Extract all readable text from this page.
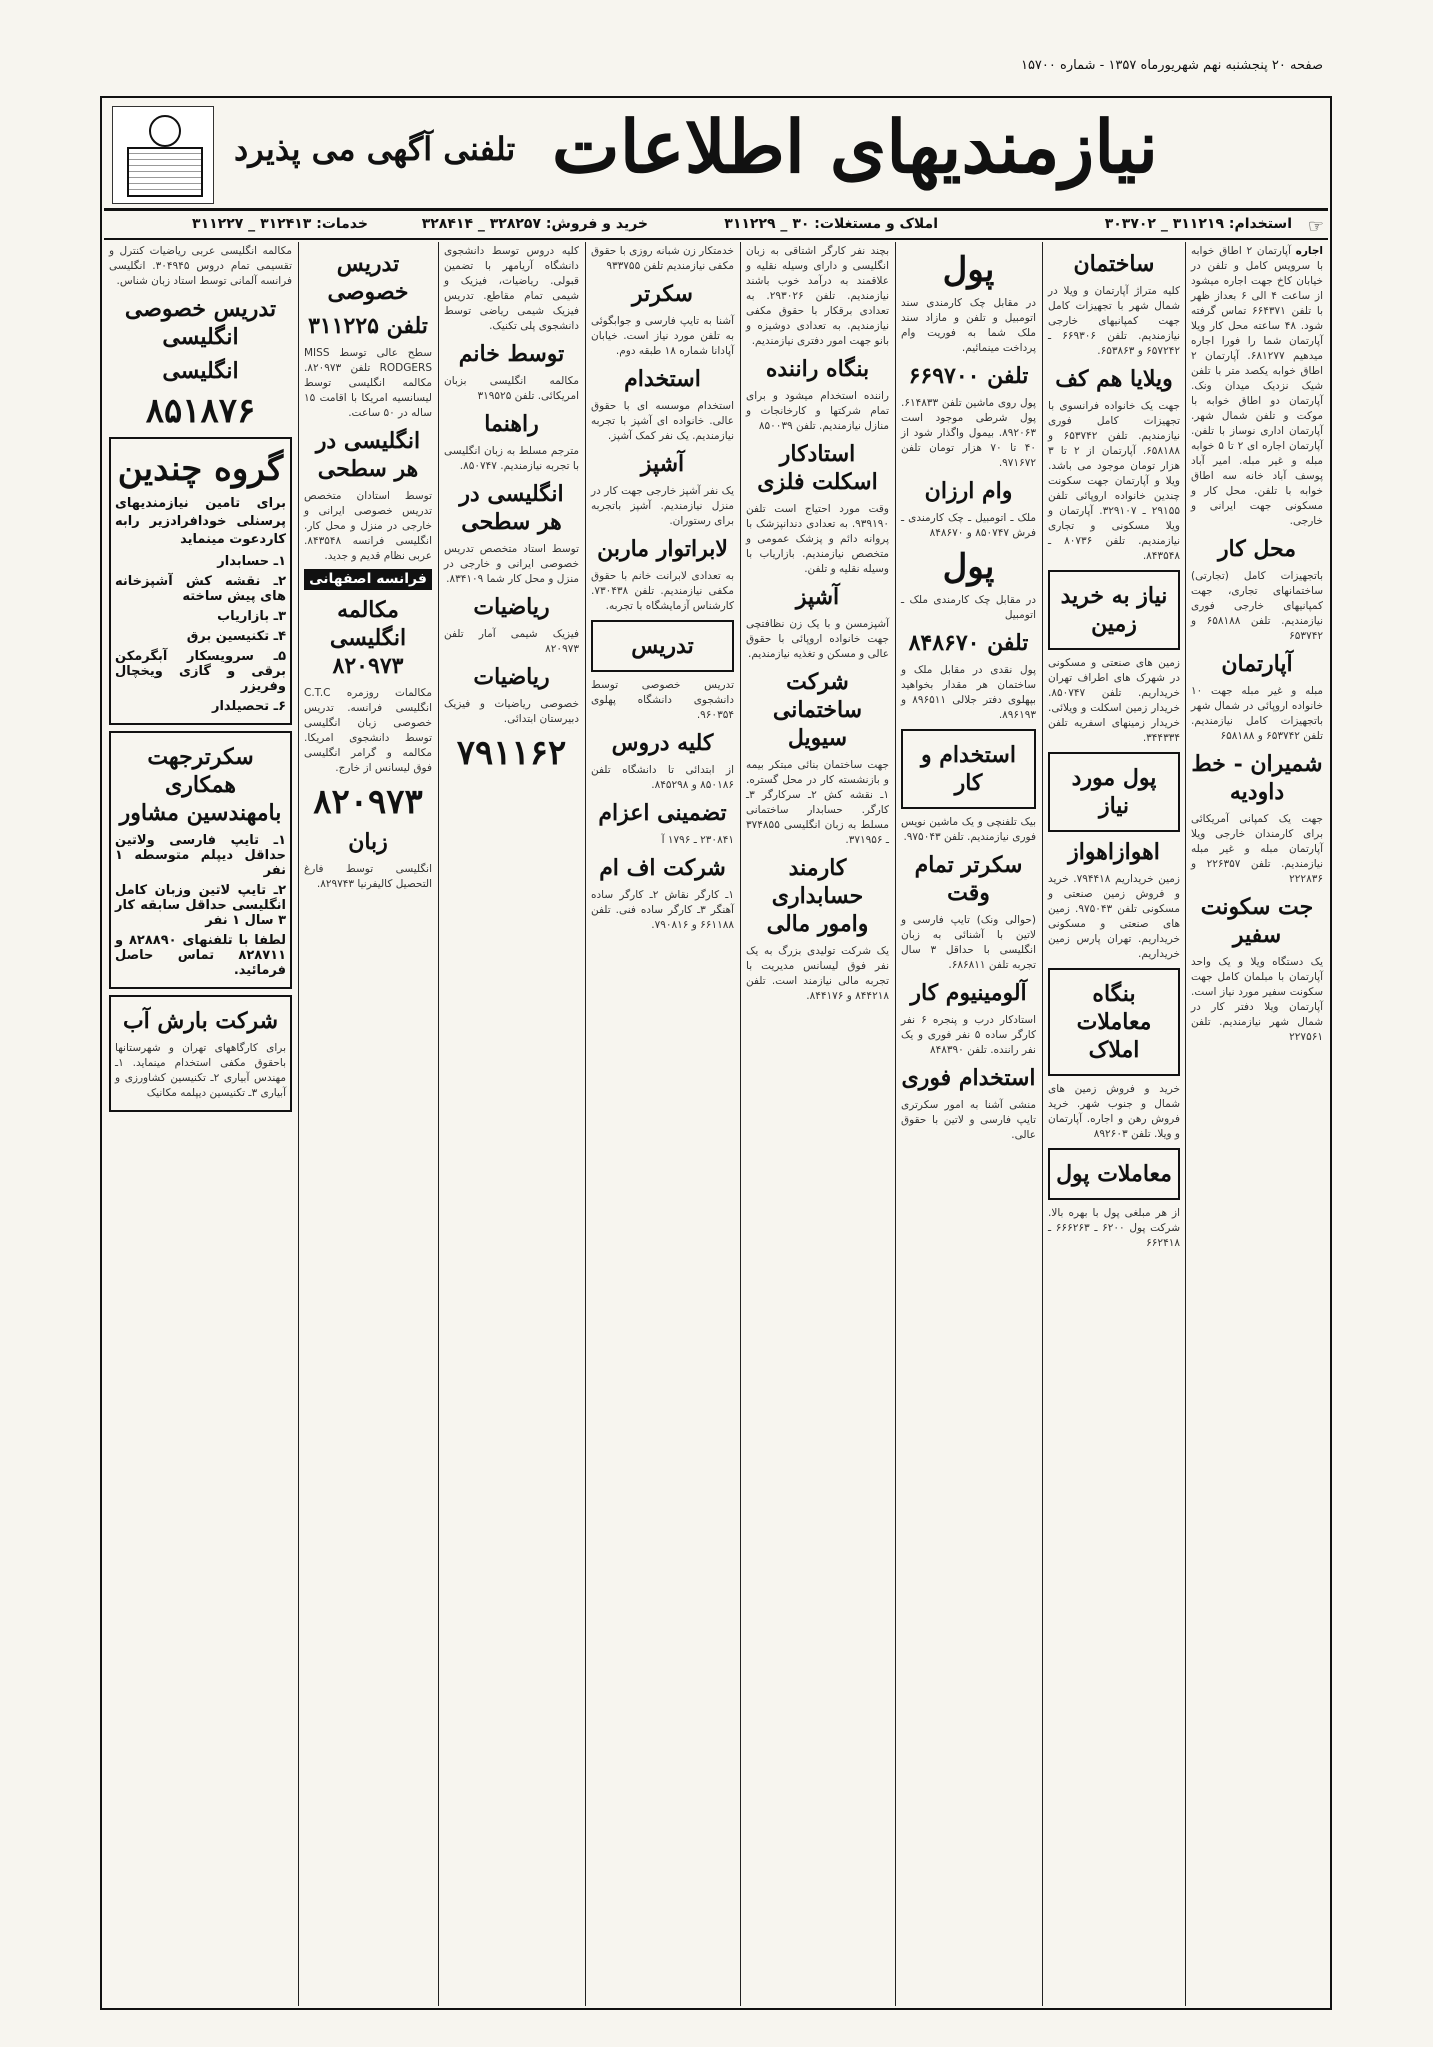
صفحه ۲۰ پنجشنبه نهم شهریورماه ۱۳۵۷ - شماره ۱۵۷۰۰
نیازمندیهای اطلاعات
تلفنی آگهی می پذیرد
☞
استخدام: ۳۱۱۲۱۹ _ ۳۰۳۷۰۲
املاک و مستغلات: ۳۰ _ ۳۱۱۲۲۹
خرید و فروش: ۳۲۸۲۵۷ _ ۳۲۸۴۱۴
خدمات: ۳۱۲۴۱۳ _ ۳۱۱۲۲۷
اجاره آپارتمان ۲ اطاق خوابه با سرویس کامل و تلفن در خیابان کاخ جهت اجاره میشود از ساعت ۴ الی ۶ بعداز ظهر با تلفن ۶۶۴۳۷۱ تماس گرفته شود. ۴۸ ساعته محل کار ویلا آپارتمان شما را فورا اجاره میدهیم ۶۸۱۲۷۷. آپارتمان ۲ اطاق خوابه یکصد متر با تلفن شیک نزدیک میدان ونک. آپارتمان دو اطاق خوابه با موکت و تلفن شمال شهر. آپارتمان اداری نوساز با تلفن. آپارتمان اجاره ای ۲ تا ۵ خوابه مبله و غیر مبله. امیر آباد پوسف آباد خانه سه اطاق خوابه با تلفن. محل کار و مسکونی جهت ایرانی و خارجی.
محل کار
باتجهیزات کامل (تجارتی) ساختمانهای تجاری، جهت کمپانیهای خارجی فوری نیازمندیم. تلفن ۶۵۸۱۸۸ و ۶۵۳۷۴۲
آپارتمان
مبله و غیر مبله جهت ۱۰ خانواده اروپائی در شمال شهر باتجهیزات کامل نیازمندیم. تلفن ۶۵۳۷۴۲ و ۶۵۸۱۸۸
شمیران - خط داودیه
جهت یک کمپانی آمریکائی برای کارمندان خارجی ویلا آپارتمان مبله و غیر مبله نیازمندیم. تلفن ۲۲۶۳۵۷ و ۲۲۲۸۳۶
جت سکونت سفیر
یک دستگاه ویلا و یک واحد آپارتمان با مبلمان کامل جهت سکونت سفیر مورد نیاز است. آپارتمان ویلا دفتر کار در شمال شهر نیازمندیم. تلفن ۲۲۷۵۶۱
ساختمان
کلیه متراژ آپارتمان و ویلا در شمال شهر با تجهیزات کامل جهت کمپانیهای خارجی نیازمندیم. تلفن ۶۶۹۳۰۶ ـ ۶۵۷۲۴۲ و ۶۵۳۸۶۳.
ویلایا هم کف
جهت یک خانواده فرانسوی با تجهیزات کامل فوری نیازمندیم. تلفن ۶۵۳۷۴۲ و ۶۵۸۱۸۸. آپارتمان از ۲ تا ۳ هزار تومان موجود می باشد. ویلا و آپارتمان جهت سکونت چندین خانواده اروپائی تلفن ۲۹۱۵۵ ـ ۳۲۹۱۰۷. آپارتمان و ویلا مسکونی و تجاری نیازمندیم. تلفن ۸۰۷۳۶ ـ ۸۴۳۵۴۸.
نیاز به خرید زمین
زمین های صنعتی و مسکونی در شهرک های اطراف تهران خریداریم. تلفن ۸۵۰۷۴۷. خریدار زمین اسکلت و ویلائی. خریدار زمینهای اسفریه تلفن ۳۴۴۳۳۴.
پول مورد نیاز
اهوازاهواز
زمین خریداریم ۷۹۴۴۱۸. خرید و فروش زمین صنعتی و مسکونی تلفن ۹۷۵۰۴۳. زمین های صنعتی و مسکونی خریداریم. تهران پارس زمین خریداریم.
بنگاه معاملات املاک
خرید و فروش زمین های شمال و جنوب شهر. خرید فروش رهن و اجاره. آپارتمان و ویلا. تلفن ۸۹۲۶۰۳
معاملات پول
از هر مبلغی پول با بهره بالا. شرکت پول ۶۲۰۰ ـ ۶۶۶۲۶۳ ـ ۶۶۲۴۱۸
پول
در مقابل چک کارمندی سند اتومبیل و تلفن و مازاد سند ملک شما به فوریت وام پرداخت مینمائیم.
تلفن ۶۶۹۷۰۰
پول روی ماشین تلفن ۶۱۴۸۳۳. پول شرطی موجود است ۸۹۲۰۶۳. بیمول واگذار شود از ۴۰ تا ۷۰ هزار تومان تلفن ۹۷۱۶۷۲.
وام ارزان
ملک ـ اتومبیل ـ چک کارمندی ـ فرش ۸۵۰۷۴۷ و ۸۴۸۶۷۰
پول
در مقابل چک کارمندی ملک ـ اتومبیل
تلفن ۸۴۸۶۷۰
پول نقدی در مقابل ملک و ساختمان هر مقدار بخواهید بپهلوی دفتر جلالی ۸۹۶۵۱۱ و ۸۹۶۱۹۳.
استخدام و کار
بیک تلفنچی و یک ماشین نویس فوری نیازمندیم. تلفن ۹۷۵۰۴۳.
سکرتر تمام وقت
(حوالی ونک) تایپ فارسی و لاتین با آشنائی به زبان انگلیسی با حداقل ۳ سال تجربه تلفن ۶۸۶۸۱۱.
آلومینیوم کار
استادکار درب و پنجره ۶ نفر کارگر ساده ۵ نفر فوری و یک نفر راننده. تلفن ۸۴۸۳۹۰
استخدام فوری
منشی آشنا به امور سکرتری تایپ فارسی و لاتین با حقوق عالی.
بچند نفر کارگر اشتاقی به زبان انگلیسی و دارای وسیله نقلیه و علاقمند به درآمد خوب باشند نیازمندیم. تلفن ۲۹۳۰۲۶. به تعدادی برقکار با حقوق مکفی نیازمندیم. به تعدادی دوشیزه و بانو جهت امور دفتری نیازمندیم.
بنگاه راننده
راننده استخدام میشود و برای تمام شرکتها و کارخانجات و منازل نیازمندیم. تلفن ۸۵۰۰۳۹
استادکار اسکلت فلزی
وقت مورد احتیاج است تلفن ۹۳۹۱۹۰. به تعدادی دندانپزشک با پروانه دائم و پزشک عمومی و متخصص نیازمندیم. بازاریاب با وسیله نقلیه و تلفن.
آشپز
آشپزمسن و با یک زن نظافتچی جهت خانواده اروپائی با حقوق عالی و مسکن و تغذیه نیازمندیم.
شرکت ساختمانی سیویل
جهت ساختمان بنائی مبتکر بیمه و بازنشسته کار در محل گستره. ۱ـ نقشه کش ۲ـ سرکارگر ۳ـ کارگر. حسابدار ساختمانی مسلط به زبان انگلیسی ۳۷۴۸۵۵ ـ ۳۷۱۹۵۶.
کارمند حسابداری وامور مالی
یک شرکت تولیدی بزرگ به یک نفر فوق لیسانس مدیریت با تجربه مالی نیازمند است. تلفن ۸۴۴۲۱۸ و ۸۴۴۱۷۶.
خدمتکار زن شبانه روزی با حقوق مکفی نیازمندیم تلفن ۹۳۳۷۵۵
سکرتر
آشنا به تایپ فارسی و جوابگوئی به تلفن مورد نیاز است. خیابان آپادانا شماره ۱۸ طبقه دوم.
استخدام
استخدام موسسه ای با حقوق عالی. خانواده ای آشپز با تجربه نیازمندیم. یک نفر کمک آشپز.
آشپز
یک نفر آشپز خارجی جهت کار در منزل نیازمندیم. آشپز باتجربه برای رستوران.
لابراتوار ماربن
به تعدادی لابرانت خانم با حقوق مکفی نیازمندیم. تلفن ۷۳۰۴۳۸. کارشناس آزمایشگاه با تجربه.
تدریس
تدریس خصوصی توسط دانشجوی دانشگاه پهلوی ۹۶۰۳۵۴.
کلیه دروس
از ابتدائی تا دانشگاه تلفن ۸۵۰۱۸۶ و ۸۴۵۲۹۸.
تضمینی اعزام
۲۳۰۸۴۱ ـ ۱۷۹۶ آ
شرکت اف ام
۱ـ کارگر نقاش ۲ـ کارگر ساده آهنگر ۳ـ کارگر ساده فنی. تلفن ۶۶۱۱۸۸ و ۷۹۰۸۱۶.
کلیه دروس توسط دانشجوی دانشگاه آریامهر با تضمین قبولی. ریاضیات، فیزیک و شیمی تمام مقاطع. تدریس فیزیک شیمی ریاضی توسط دانشجوی پلی تکنیک.
توسط خانم
مکالمه انگلیسی بزبان امریکائی. تلفن ۳۱۹۵۲۵
راهنما
مترجم مسلط به زبان انگلیسی با تجربه نیازمندیم. ۸۵۰۷۴۷.
انگلیسی در هر سطحی
توسط استاد متخصص تدریس خصوصی ایرانی و خارجی در منزل و محل کار شما ۸۳۴۱۰۹.
ریاضیات
فیزیک شیمی آمار تلفن ۸۲۰۹۷۳
ریاضیات
خصوصی ریاضیات و فیزیک دبیرستان ابتدائی.
۷۹۱۱۶۲
تدریس خصوصی
تلفن ۳۱۱۲۲۵
سطح عالی توسط MISS RODGERS تلفن ۸۲۰۹۷۳. مکالمه انگلیسی توسط لیسانسیه امریکا با اقامت ۱۵ ساله در ۵۰ ساعت.
انگلیسی در هر سطحی
توسط استادان متخصص تدریس خصوصی ایرانی و خارجی در منزل و محل کار. انگلیسی فرانسه ۸۴۳۵۴۸. عربی نظام قدیم و جدید.
فرانسه اصفهانی
مکالمه انگلیسی ۸۲۰۹۷۳
مکالمات روزمره C.T.C انگلیسی فرانسه. تدریس خصوصی زبان انگلیسی توسط دانشجوی امریکا. مکالمه و گرامر انگلیسی فوق لیسانس از خارج.
۸۲۰۹۷۳
زبان
انگلیسی توسط فارغ التحصیل کالیفرنیا ۸۲۹۷۴۳.
مکالمه انگلیسی عربی ریاضیات کنترل و تقسیمی تمام دروس ۳۰۴۹۴۵. انگلیسی فرانسه آلمانی توسط استاد زبان شناس.
تدریس خصوصی انگلیسی
انگلیسی
۸۵۱۸۷۶
گروه چندین
برای تامین نیازمندیهای پرسنلی خودافرادزیر رابه کاردعوت مینماید
۱ـ حسابدار
۲ـ نقشه کش آشپزخانه های پیش ساخته
۳ـ بازاریاب
۴ـ تکنیسین برق
۵ـ سرویسکار آبگرمکن برقی و گازی ویخچال وفریزر
۶ـ تحصیلدار
سکرترجهت همکاری بامهندسین مشاور
۱ـ تایپ فارسی ولاتین حداقل دیپلم متوسطه ۱ نفر
۲ـ تایپ لاتین وزبان کامل انگلیسی حداقل سابقه کار ۳ سال ۱ نفر
لطفا با تلفنهای ۸۲۸۸۹۰ و ۸۲۸۷۱۱ تماس حاصل فرمائید.
شرکت بارش آب
برای کارگاههای تهران و شهرستانها باحقوق مکفی استخدام مینماید. ۱ـ مهندس آبیاری ۲ـ تکنیسین کشاورزی و آبیاری ۳ـ تکنیسین دیپلمه مکانیک
